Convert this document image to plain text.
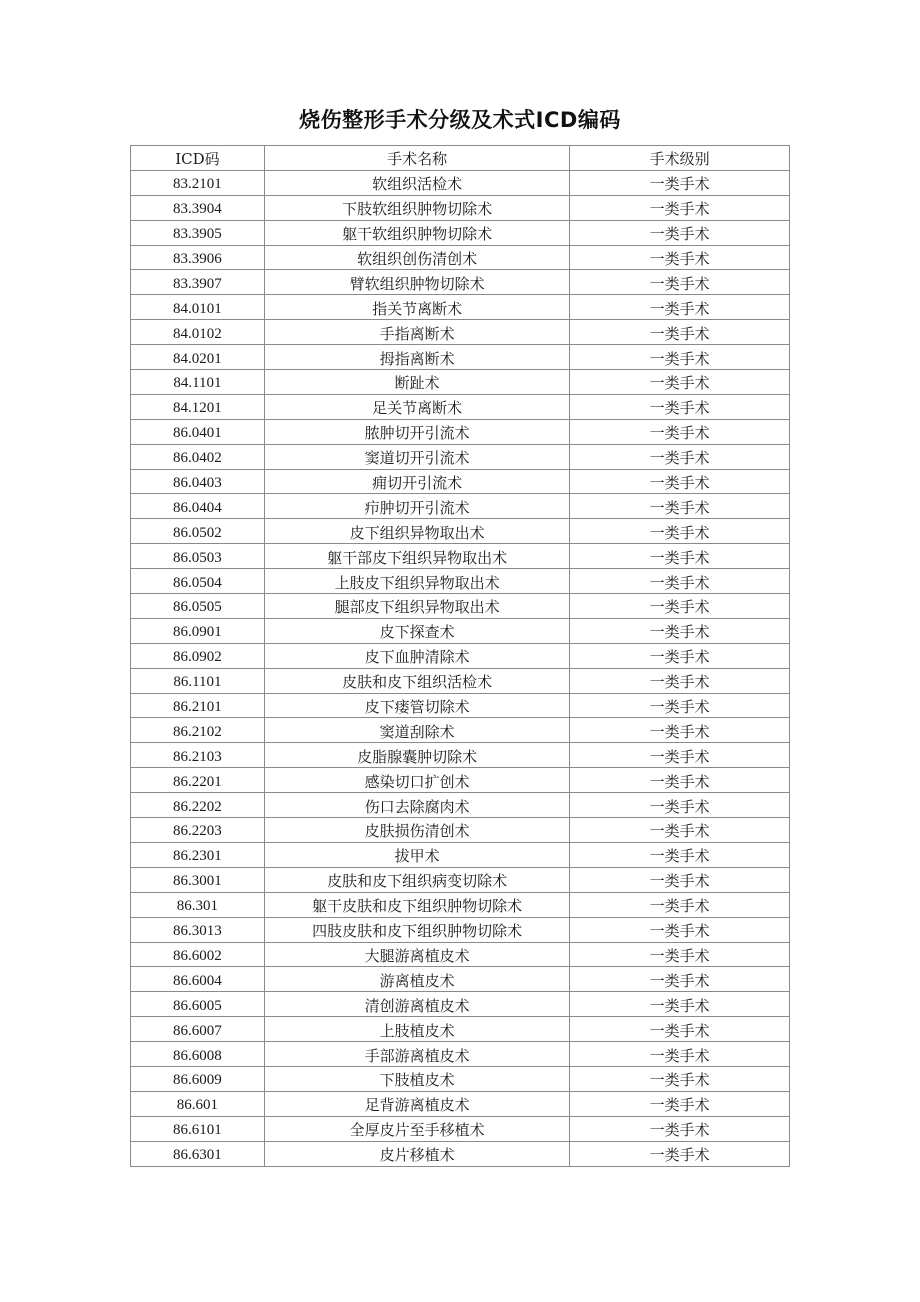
烧伤整形手术分级及术式ICD编码
ICD码	手术名称	手术级别
83.2101	软组织活检术	一类手术
83.3904	下肢软组织肿物切除术	一类手术
83.3905	躯干软组织肿物切除术	一类手术
83.3906	软组织创伤清创术	一类手术
83.3907	臂软组织肿物切除术	一类手术
84.0101	指关节离断术	一类手术
84.0102	手指离断术	一类手术
84.0201	拇指离断术	一类手术
84.1101	断趾术	一类手术
84.1201	足关节离断术	一类手术
86.0401	脓肿切开引流术	一类手术
86.0402	窦道切开引流术	一类手术
86.0403	痈切开引流术	一类手术
86.0404	疖肿切开引流术	一类手术
86.0502	皮下组织异物取出术	一类手术
86.0503	躯干部皮下组织异物取出术	一类手术
86.0504	上肢皮下组织异物取出术	一类手术
86.0505	腿部皮下组织异物取出术	一类手术
86.0901	皮下探查术	一类手术
86.0902	皮下血肿清除术	一类手术
86.1101	皮肤和皮下组织活检术	一类手术
86.2101	皮下瘘管切除术	一类手术
86.2102	窦道刮除术	一类手术
86.2103	皮脂腺囊肿切除术	一类手术
86.2201	感染切口扩创术	一类手术
86.2202	伤口去除腐肉术	一类手术
86.2203	皮肤损伤清创术	一类手术
86.2301	拔甲术	一类手术
86.3001	皮肤和皮下组织病变切除术	一类手术
86.301	躯干皮肤和皮下组织肿物切除术	一类手术
86.3013	四肢皮肤和皮下组织肿物切除术	一类手术
86.6002	大腿游离植皮术	一类手术
86.6004	游离植皮术	一类手术
86.6005	清创游离植皮术	一类手术
86.6007	上肢植皮术	一类手术
86.6008	手部游离植皮术	一类手术
86.6009	下肢植皮术	一类手术
86.601	足背游离植皮术	一类手术
86.6101	全厚皮片至手移植术	一类手术
86.6301	皮片移植术	一类手术
